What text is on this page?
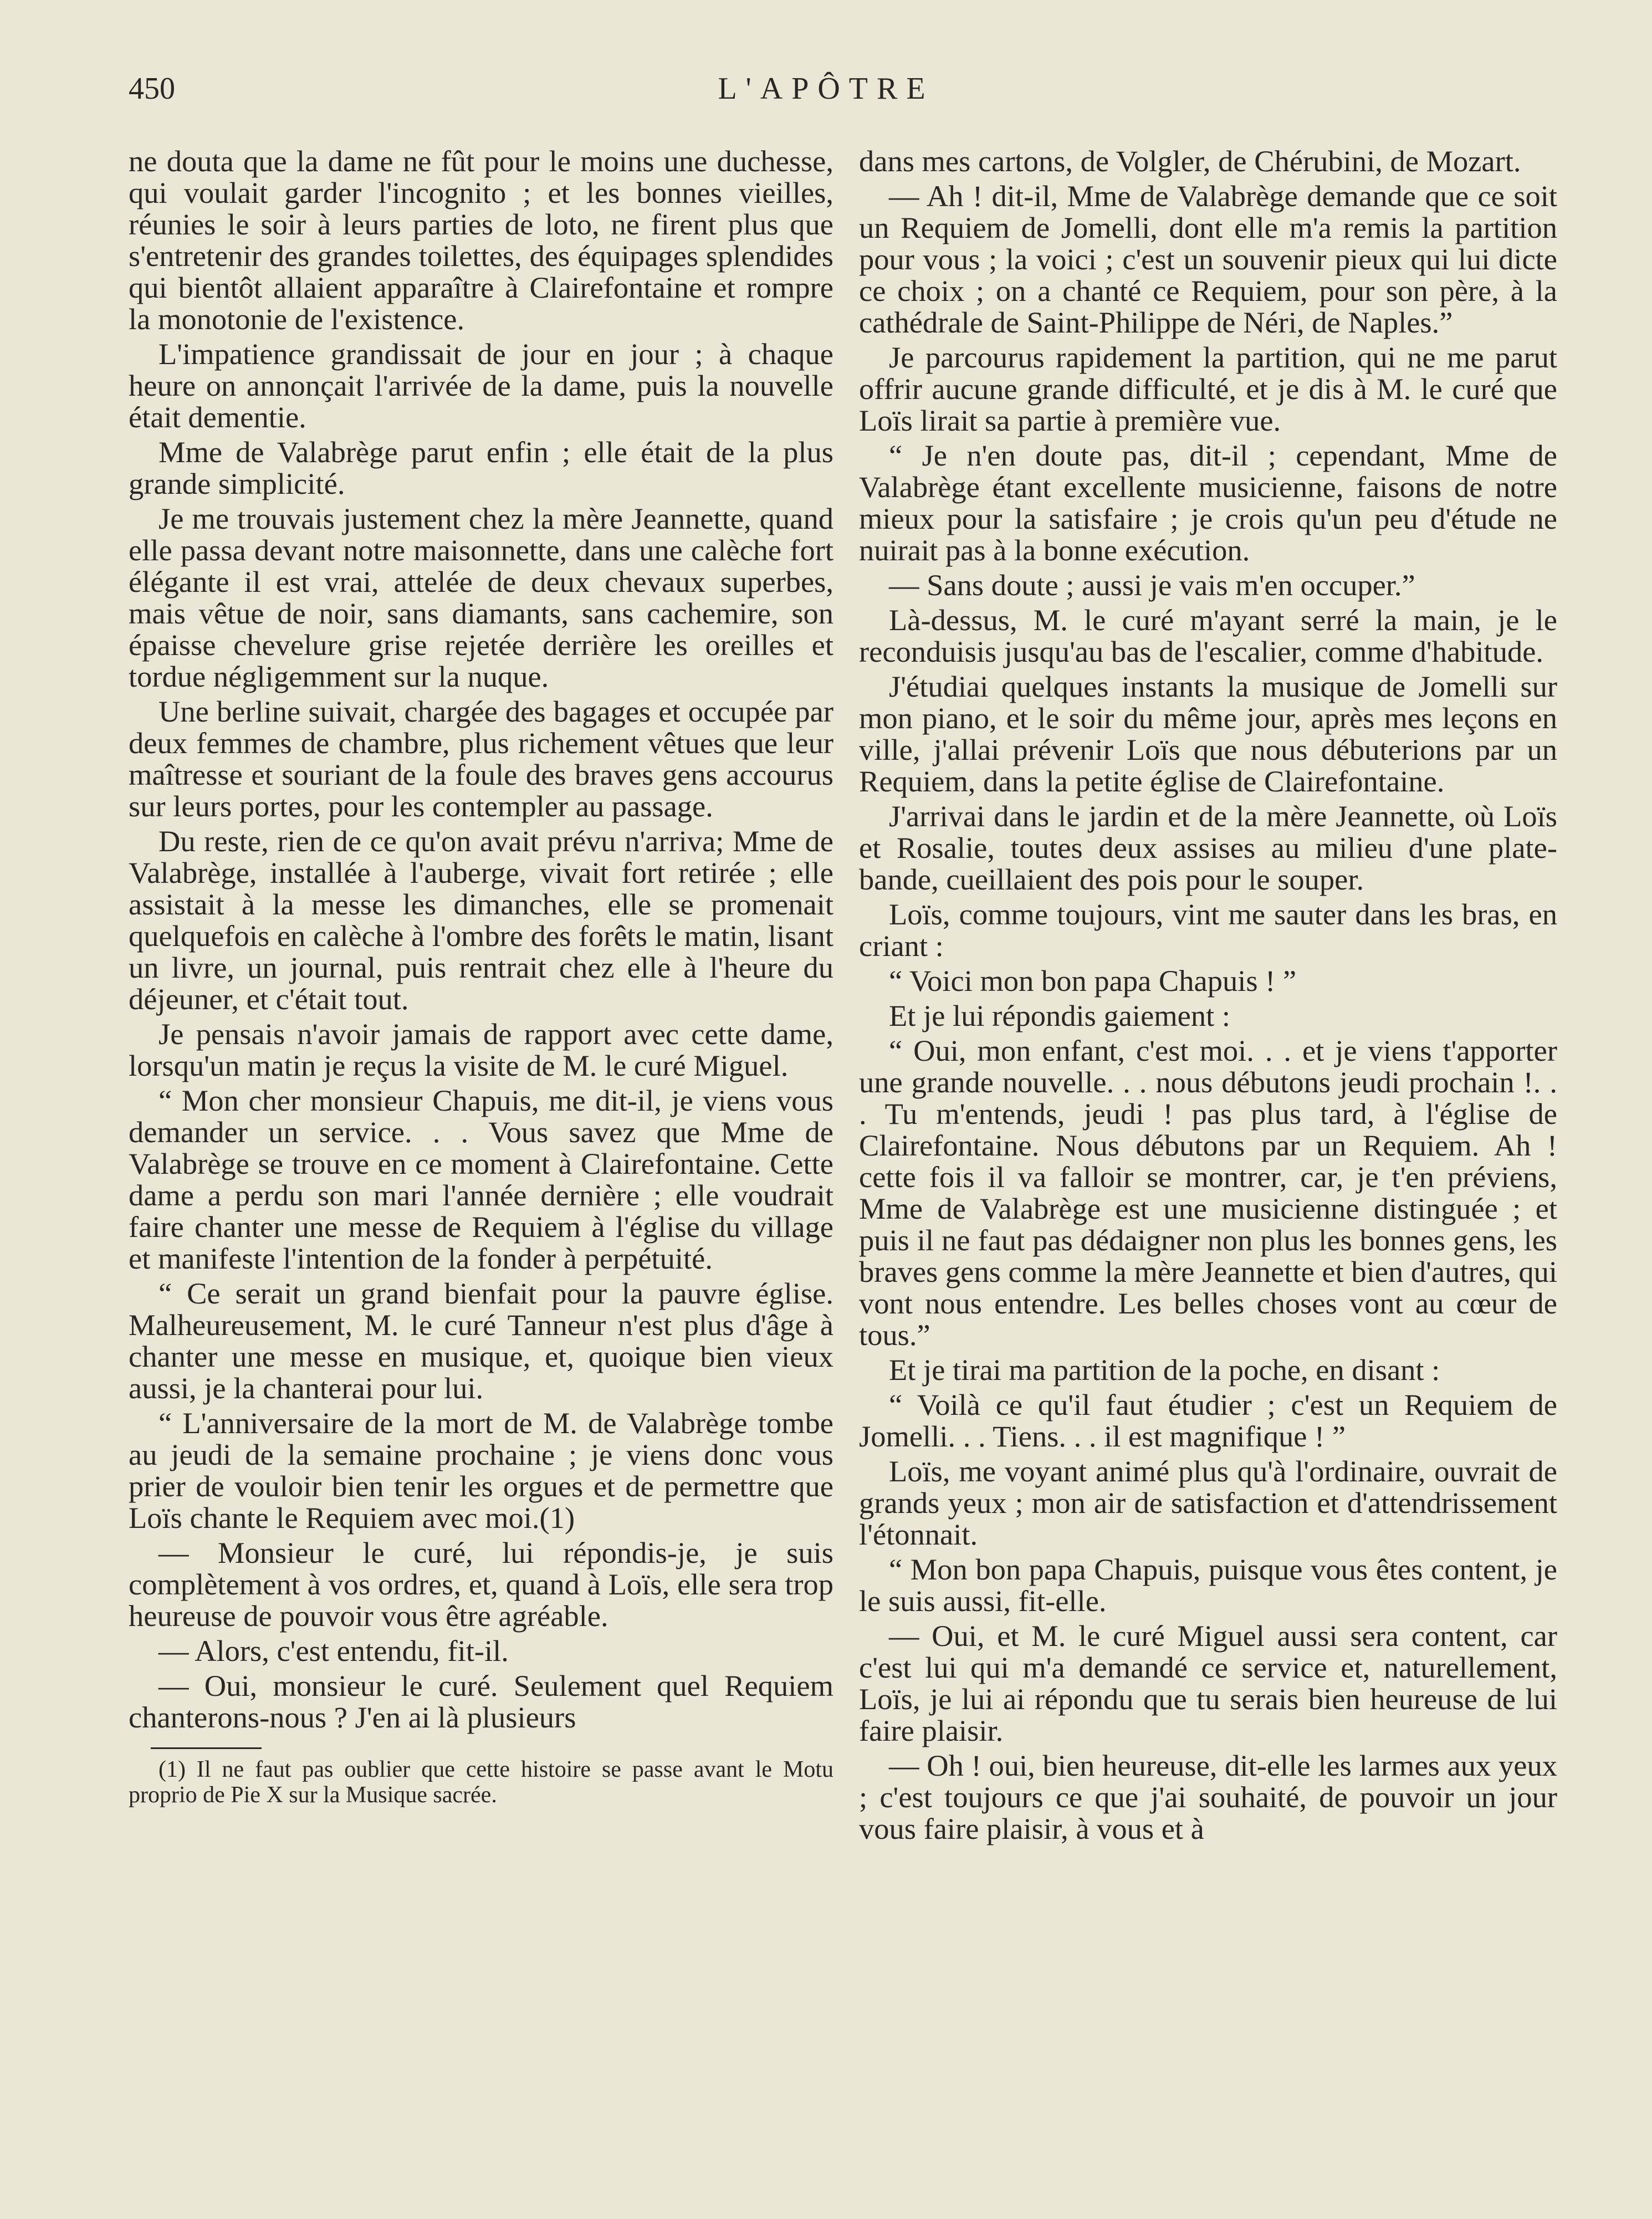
450	L'APÔTRE

ne douta que la dame ne fût pour le moins une duchesse, qui voulait garder l'incognito ; et les bonnes vieilles, réunies le soir à leurs parties de loto, ne firent plus que s'entretenir des grandes toilettes, des équipages splendides qui bientôt allaient apparaître à Clairefontaine et rompre la monotonie de l'existence.

L'impatience grandissait de jour en jour ; à chaque heure on annonçait l'arrivée de la dame, puis la nouvelle était dementie.

Mme de Valabrège parut enfin ; elle était de la plus grande simplicité.

Je me trouvais justement chez la mère Jeannette, quand elle passa devant notre maisonnette, dans une calèche fort élégante il est vrai, attelée de deux chevaux superbes, mais vêtue de noir, sans diamants, sans cachemire, son épaisse chevelure grise rejetée derrière les oreilles et tordue négligemment sur la nuque.

Une berline suivait, chargée des bagages et occupée par deux femmes de chambre, plus richement vêtues que leur maîtresse et souriant de la foule des braves gens accourus sur leurs portes, pour les contempler au passage.

Du reste, rien de ce qu'on avait prévu n'arriva; Mme de Valabrège, installée à l'auberge, vivait fort retirée ; elle assistait à la messe les dimanches, elle se promenait quelquefois en calèche à l'ombre des forêts le matin, lisant un livre, un journal, puis rentrait chez elle à l'heure du déjeuner, et c'était tout.

Je pensais n'avoir jamais de rapport avec cette dame, lorsqu'un matin je reçus la visite de M. le curé Miguel.

“ Mon cher monsieur Chapuis, me dit-il, je viens vous demander un service. . . Vous savez que Mme de Valabrège se trouve en ce moment à Clairefontaine. Cette dame a perdu son mari l'année dernière ; elle voudrait faire chanter une messe de Requiem à l'église du village et manifeste l'intention de la fonder à perpétuité.

“ Ce serait un grand bienfait pour la pauvre église. Malheureusement, M. le curé Tanneur n'est plus d'âge à chanter une messe en musique, et, quoique bien vieux aussi, je la chanterai pour lui.

“ L'anniversaire de la mort de M. de Valabrège tombe au jeudi de la semaine prochaine ; je viens donc vous prier de vouloir bien tenir les orgues et de permettre que Loïs chante le Requiem avec moi.(1)

— Monsieur le curé, lui répondis-je, je suis complètement à vos ordres, et, quand à Loïs, elle sera trop heureuse de pouvoir vous être agréable.

— Alors, c'est entendu, fit-il.

— Oui, monsieur le curé. Seulement quel Requiem chanterons-nous ? J'en ai là plusieurs

(1) Il ne faut pas oublier que cette histoire se passe avant le Motu proprio de Pie X sur la Musique sacrée.

dans mes cartons, de Volgler, de Chérubini, de Mozart.

— Ah ! dit-il, Mme de Valabrège demande que ce soit un Requiem de Jomelli, dont elle m'a remis la partition pour vous ; la voici ; c'est un souvenir pieux qui lui dicte ce choix ; on a chanté ce Requiem, pour son père, à la cathédrale de Saint-Philippe de Néri, de Naples.”

Je parcourus rapidement la partition, qui ne me parut offrir aucune grande difficulté, et je dis à M. le curé que Loïs lirait sa partie à première vue.

“ Je n'en doute pas, dit-il ; cependant, Mme de Valabrège étant excellente musicienne, faisons de notre mieux pour la satisfaire ; je crois qu'un peu d'étude ne nuirait pas à la bonne exécution.

— Sans doute ; aussi je vais m'en occuper.”

Là-dessus, M. le curé m'ayant serré la main, je le reconduisis jusqu'au bas de l'escalier, comme d'habitude.

J'étudiai quelques instants la musique de Jomelli sur mon piano, et le soir du même jour, après mes leçons en ville, j'allai prévenir Loïs que nous débuterions par un Requiem, dans la petite église de Clairefontaine.

J'arrivai dans le jardin et de la mère Jeannette, où Loïs et Rosalie, toutes deux assises au milieu d'une plate-bande, cueillaient des pois pour le souper.

Loïs, comme toujours, vint me sauter dans les bras, en criant :

“ Voici mon bon papa Chapuis ! ”

Et je lui répondis gaiement :

“ Oui, mon enfant, c'est moi. . . et je viens t'apporter une grande nouvelle. . . nous débutons jeudi prochain !. . . Tu m'entends, jeudi ! pas plus tard, à l'église de Clairefontaine. Nous débutons par un Requiem. Ah ! cette fois il va falloir se montrer, car, je t'en préviens, Mme de Valabrège est une musicienne distinguée ; et puis il ne faut pas dédaigner non plus les bonnes gens, les braves gens comme la mère Jeannette et bien d'autres, qui vont nous entendre. Les belles choses vont au cœur de tous.”

Et je tirai ma partition de la poche, en disant :

“ Voilà ce qu'il faut étudier ; c'est un Requiem de Jomelli. . . Tiens. . . il est magnifique ! ”

Loïs, me voyant animé plus qu'à l'ordinaire, ouvrait de grands yeux ; mon air de satisfaction et d'attendrissement l'étonnait.

“ Mon bon papa Chapuis, puisque vous êtes content, je le suis aussi, fit-elle.

— Oui, et M. le curé Miguel aussi sera content, car c'est lui qui m'a demandé ce service et, naturellement, Loïs, je lui ai répondu que tu serais bien heureuse de lui faire plaisir.

— Oh ! oui, bien heureuse, dit-elle les larmes aux yeux ; c'est toujours ce que j'ai souhaité, de pouvoir un jour vous faire plaisir, à vous et à
